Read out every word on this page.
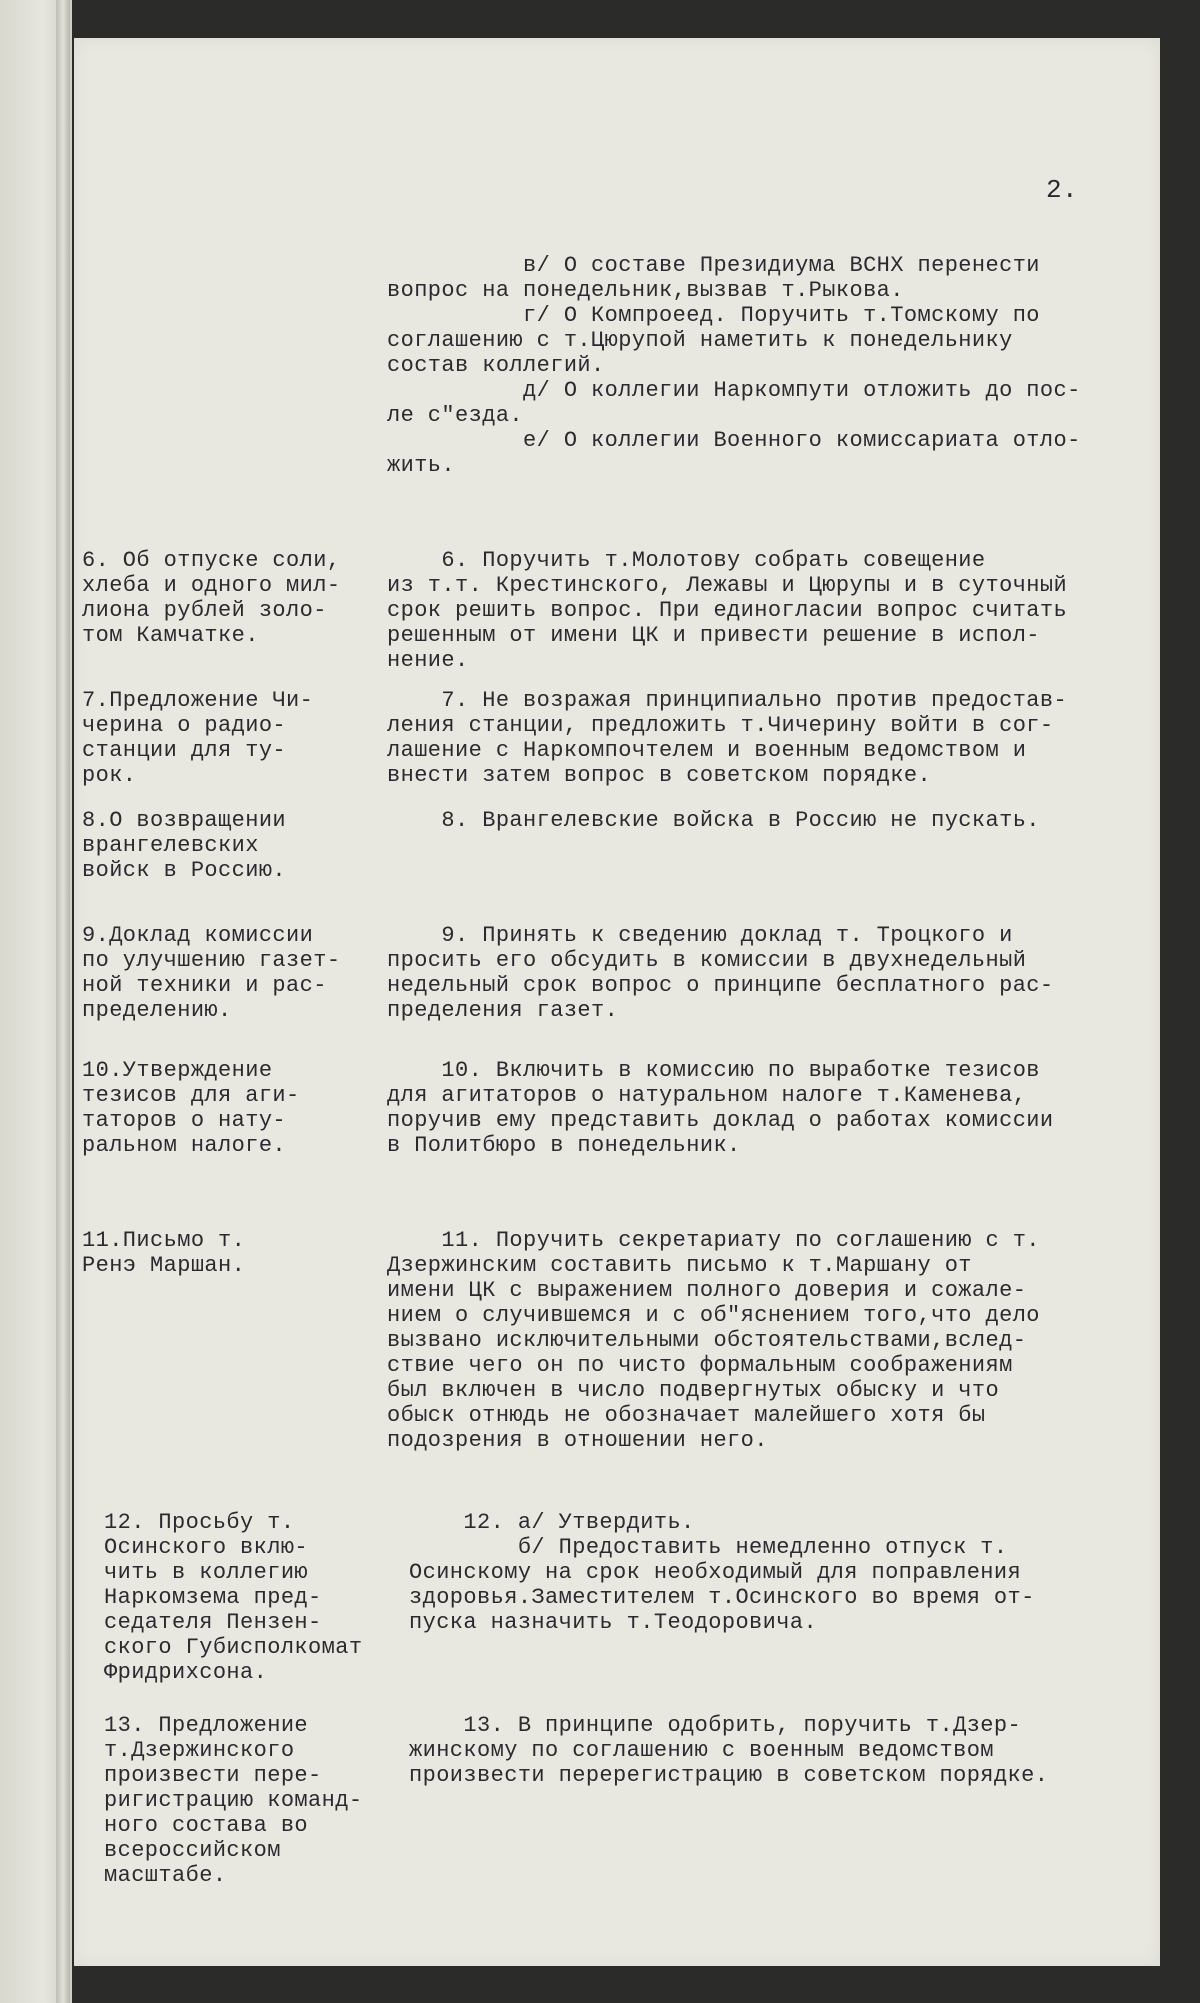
2.
в/ О составе Президиума ВСНХ перенести
вопрос на понедельник,вызвав т.Рыкова.
г/ О Компроеед. Поручить т.Томскому по
соглашению с т.Цюрупой наметить к понедельнику
состав коллегий.
д/ О коллегии Наркомпути отложить до пос-
ле с"езда.
е/ О коллегии Военного комиссариата отло-
жить.
6. Об отпуске соли,
хлеба и одного мил-
лиона рублей золо-
том Камчатке.
6. Поручить т.Молотову собрать совещение
из т.т. Крестинского, Лежавы и Цюрупы и в суточный
срок решить вопрос. При единогласии вопрос считать
решенным от имени ЦК и привести решение в испол-
нение.
7.Предложение Чи-
черина о радио-
станции для ту-
рок.
7. Не возражая принципиально против предостав-
ления станции, предложить т.Чичерину войти в сог-
лашение с Наркомпочтелем и военным ведомством и
внести затем вопрос в советском порядке.
8.О возвращении
врангелевских
войск в Россию.
8. Врангелевские войска в Россию не пускать.
9.Доклад комиссии
по улучшению газет-
ной техники и рас-
пределению.
9. Принять к сведению доклад т. Троцкого и
просить его обсудить в комиссии в двухнедельный
недельный срок вопрос о принципе бесплатного рас-
пределения газет.
10.Утверждение
тезисов для аги-
таторов о нату-
ральном налоге.
10. Включить в комиссию по выработке тезисов
для агитаторов о натуральном налоге т.Каменева,
поручив ему представить доклад о работах комиссии
в Политбюро в понедельник.
11.Письмо т.
Ренэ Маршан.
11. Поручить секретариату по соглашению с т.
Дзержинским составить письмо к т.Маршану от
имени ЦК с выражением полного доверия и сожале-
нием о случившемся и с об"яснением того,что дело
вызвано исключительными обстоятельствами,вслед-
ствие чего он по чисто формальным соображениям
был включен в число подвергнутых обыску и что
обыск отнюдь не обозначает малейшего хотя бы
подозрения в отношении него.
12. Просьбу т.
Осинского вклю-
чить в коллегию
Наркомзема пред-
седателя Пензен-
ского Губисполкомат
Фридрихсона.
12. а/ Утвердить.
б/ Предоставить немедленно отпуск т.
Осинскому на срок необходимый для поправления
здоровья.Заместителем т.Осинского во время от-
пуска назначить т.Теодоровича.
13. Предложение
т.Дзержинского
произвести пере-
ригистрацию команд-
ного состава во
всероссийском
масштабе.
13. В принципе одобрить, поручить т.Дзер-
жинскому по соглашению с военным ведомством
произвести перерегистрацию в советском порядке.
